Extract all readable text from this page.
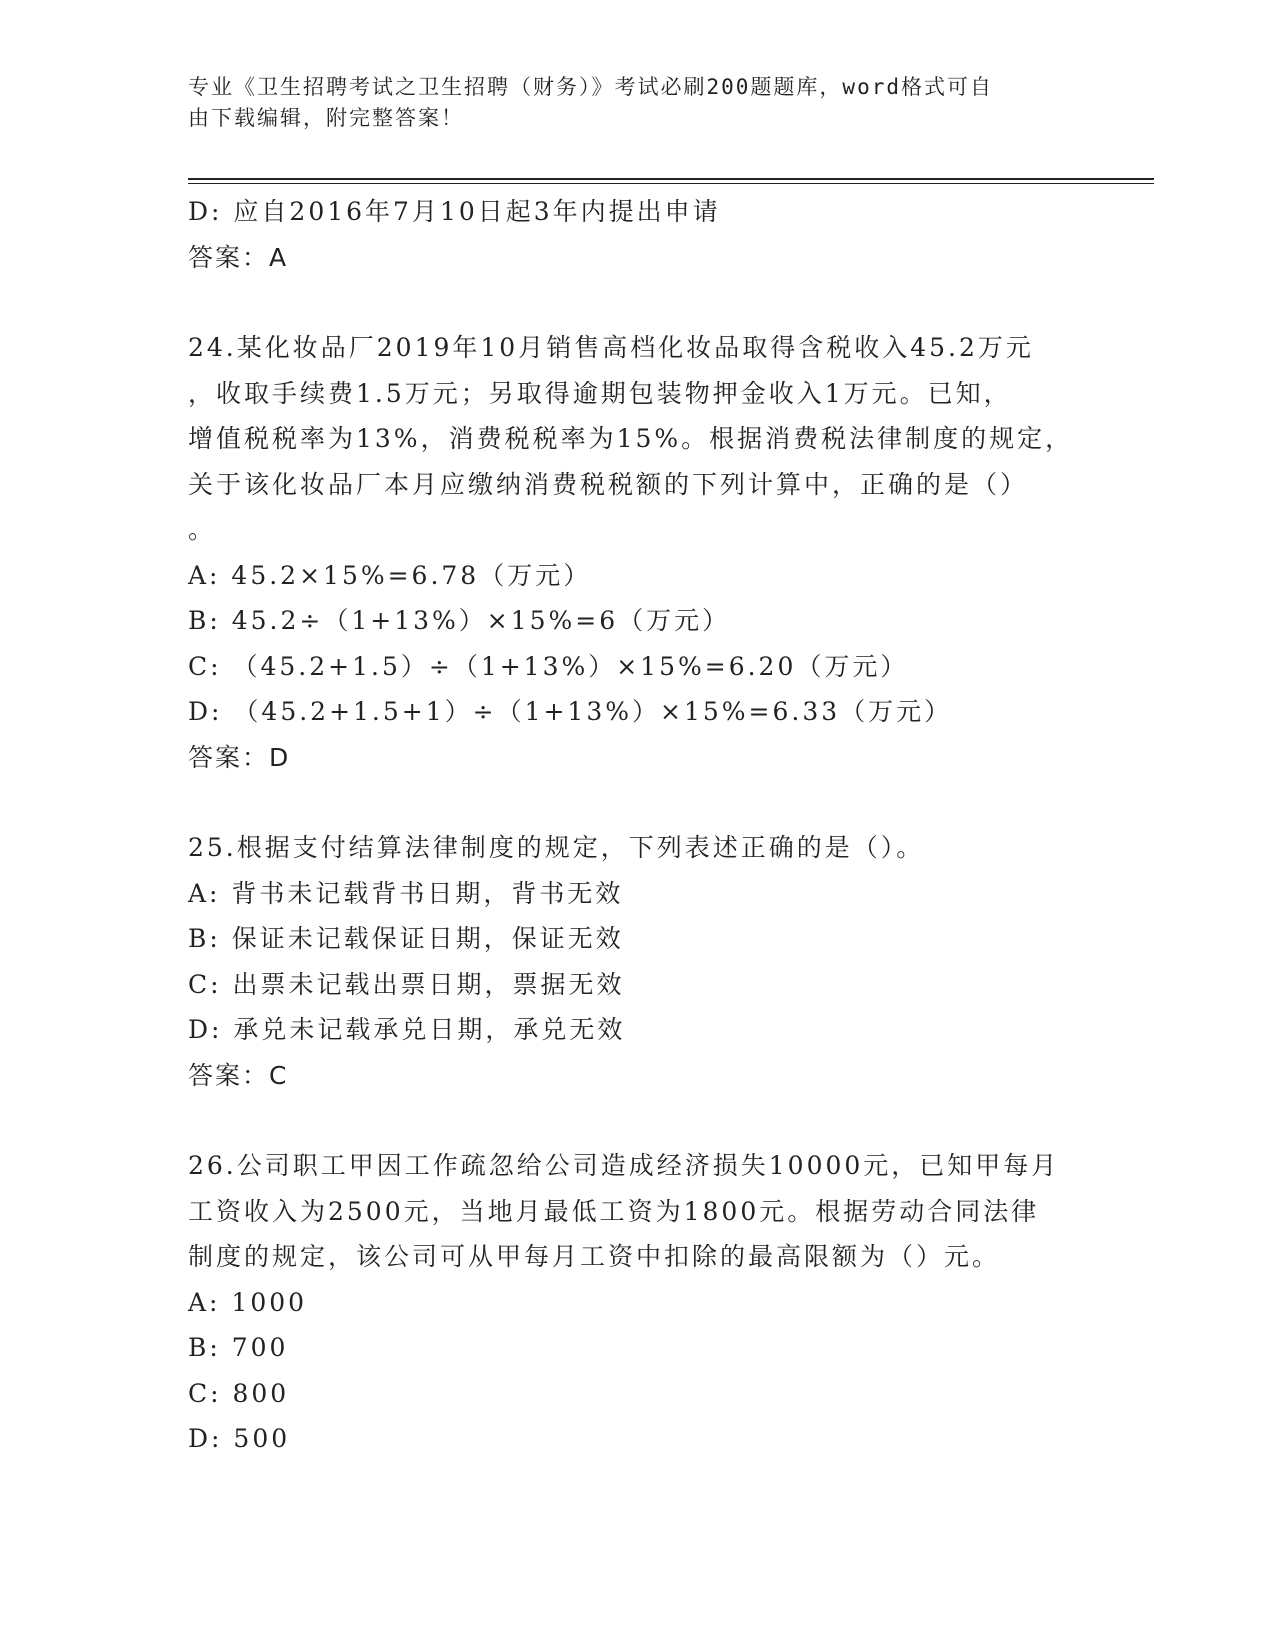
专业《卫生招聘考试之卫生招聘（财务）》考试必刷200题题库，word格式可自
由下载编辑，附完整答案！
D: 应自2016年7月10日起3年内提出申请
答案：A
24.某化妆品厂2019年10月销售高档化妆品取得含税收入45.2万元
，收取手续费1.5万元；另取得逾期包装物押金收入1万元。已知，
增值税税率为13%，消费税税率为15%。根据消费税法律制度的规定，
关于该化妆品厂本月应缴纳消费税税额的下列计算中，正确的是（）
。
A: 45.2×15%=6.78（万元）
B: 45.2÷（1+13%）×15%=6（万元）
C: （45.2+1.5）÷（1+13%）×15%=6.20（万元）
D: （45.2+1.5+1）÷（1+13%）×15%=6.33（万元）
答案：D
25.根据支付结算法律制度的规定，下列表述正确的是（）。
A: 背书未记载背书日期，背书无效
B: 保证未记载保证日期，保证无效
C: 出票未记载出票日期，票据无效
D: 承兑未记载承兑日期，承兑无效
答案：C
26.公司职工甲因工作疏忽给公司造成经济损失10000元，已知甲每月
工资收入为2500元，当地月最低工资为1800元。根据劳动合同法律
制度的规定，该公司可从甲每月工资中扣除的最高限额为（）元。
A: 1000
B: 700
C: 800
D: 500
